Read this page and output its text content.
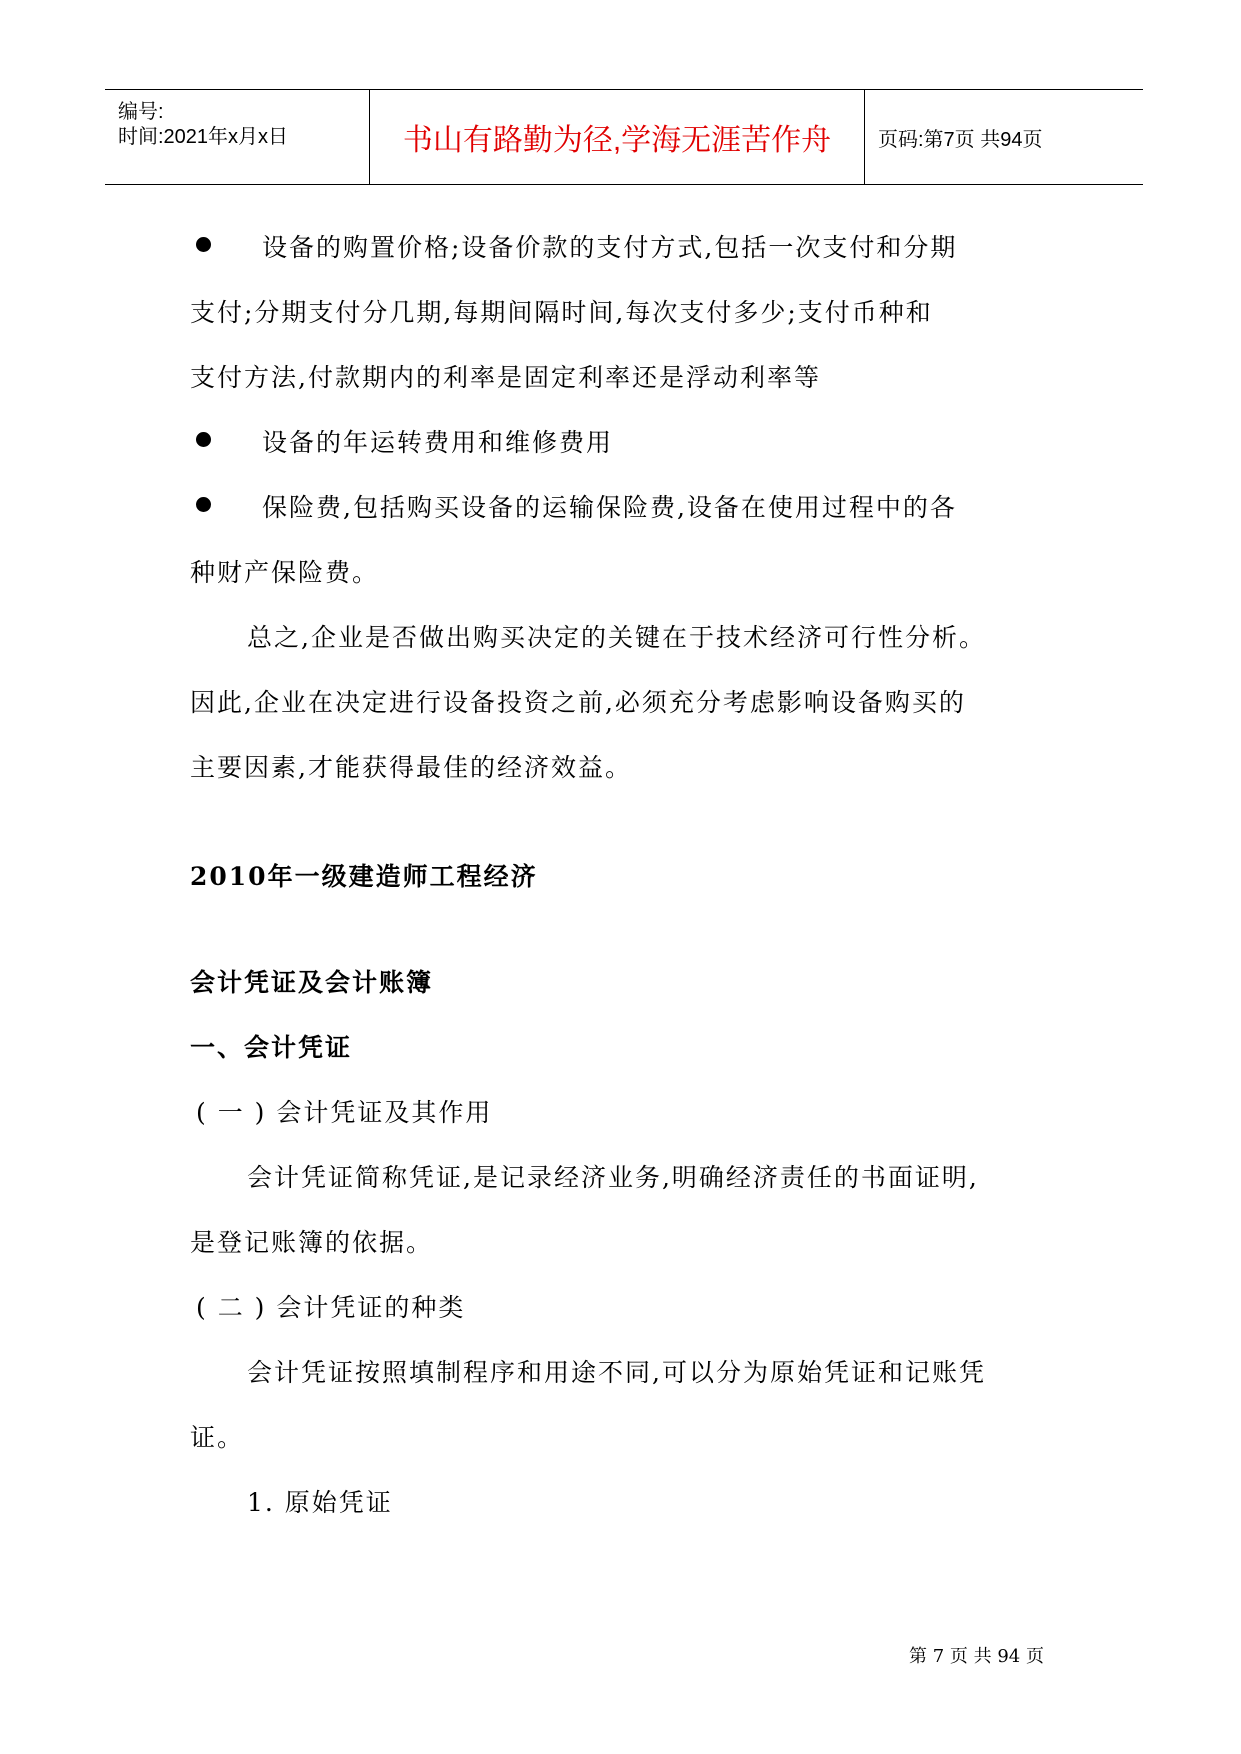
编号:
时间:2021年x月x日	书山有路勤为径,学海无涯苦作舟	页码:第7页 共94页
设备的购置价格;设备价款的支付方式,包括一次支付和分期
支付;分期支付分几期,每期间隔时间,每次支付多少;支付币种和
支付方法,付款期内的利率是固定利率还是浮动利率等
设备的年运转费用和维修费用
保险费,包括购买设备的运输保险费,设备在使用过程中的各
种财产保险费。
总之,企业是否做出购买决定的关键在于技术经济可行性分析。
因此,企业在决定进行设备投资之前,必须充分考虑影响设备购买的
主要因素,才能获得最佳的经济效益。
2010年一级建造师工程经济
会计凭证及会计账簿
一、会计凭证
( 一 ) 会计凭证及其作用
会计凭证简称凭证,是记录经济业务,明确经济责任的书面证明,
是登记账簿的依据。
( 二 ) 会计凭证的种类
会计凭证按照填制程序和用途不同,可以分为原始凭证和记账凭
证。
1. 原始凭证
第 7 页 共 94 页
